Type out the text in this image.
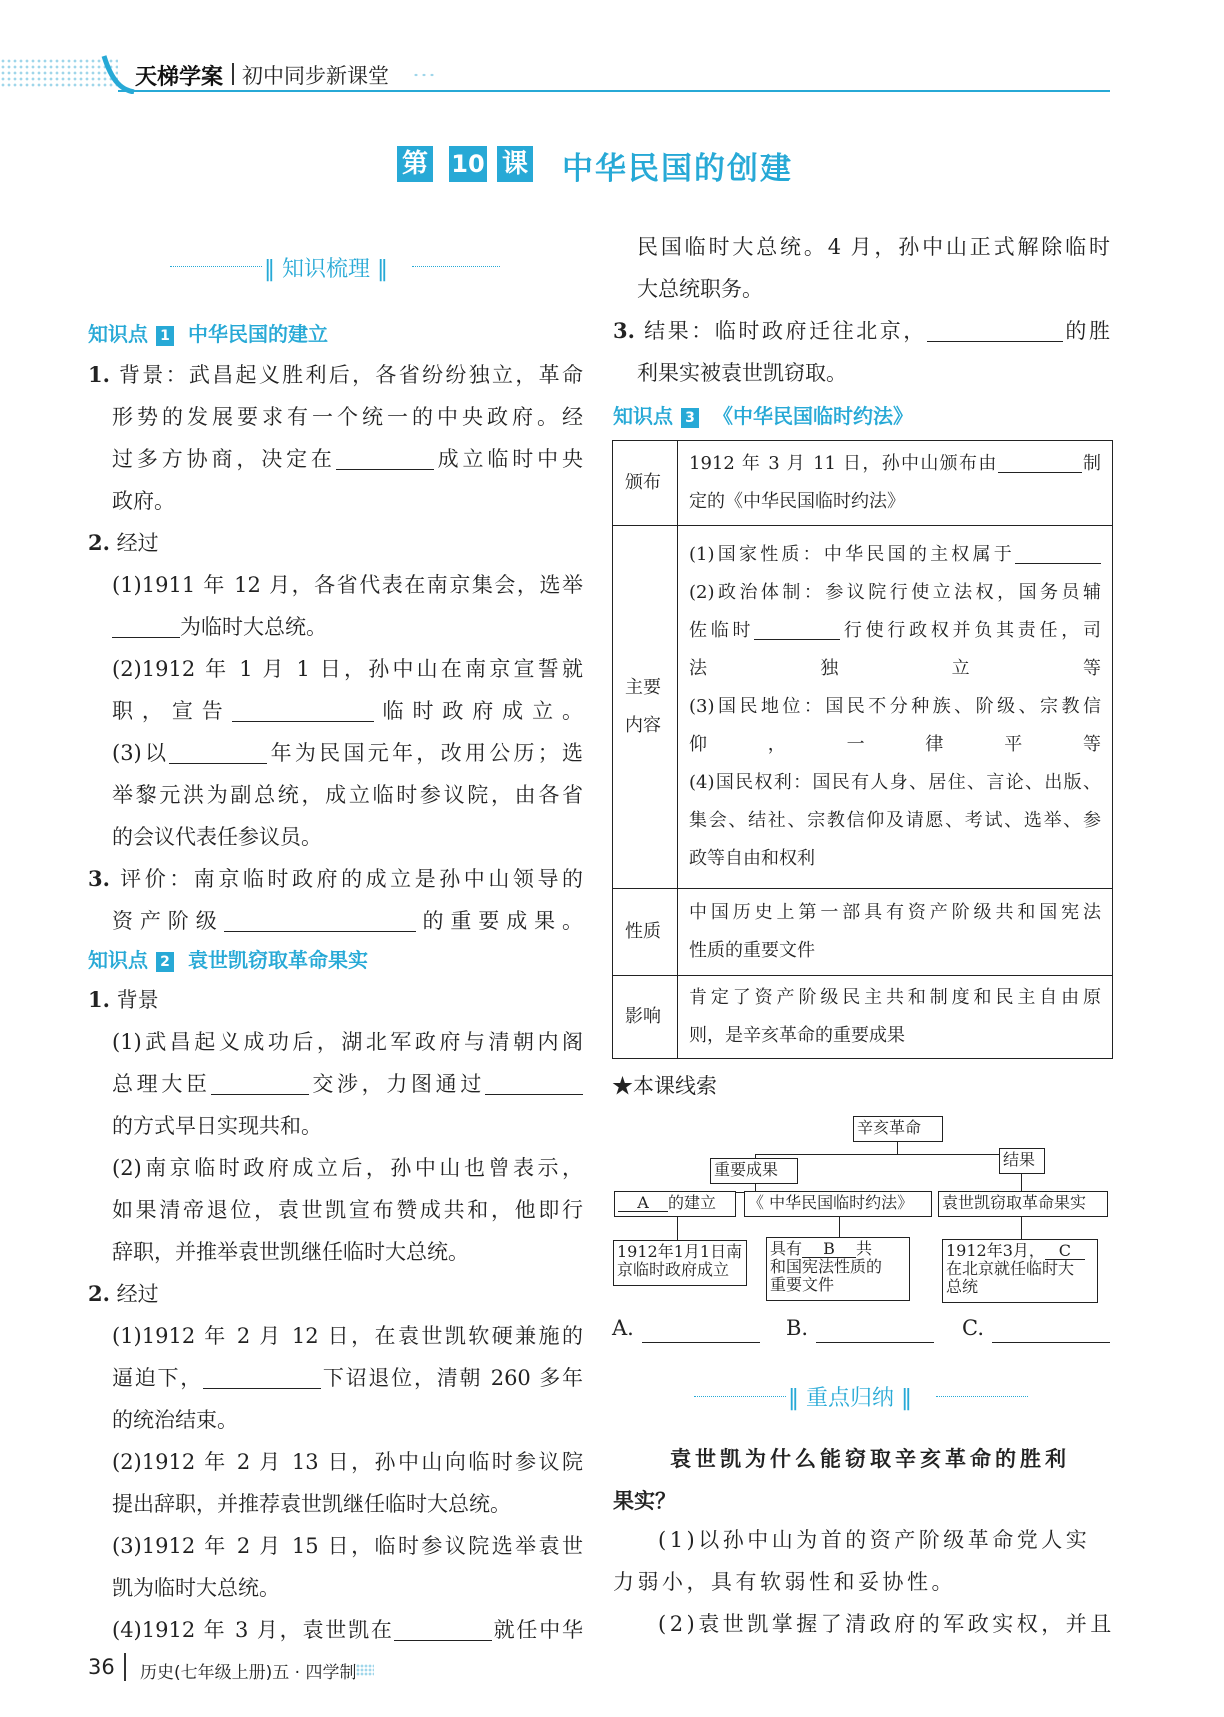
天梯学案 初中同步新课堂
第 10 课 中华民国的创建
‖ 知识梳理 ‖
知识点 1 中华民国的建立
1. 背景：武昌起义胜利后，各省纷纷独立，革命
形势的发展要求有一个统一的中央政府。经
过多方协商，决定在	成立临时中央
政府。
2. 经过
(1)1911 年 12 月，各省代表在南京集会，选举
为临时大总统。
(2)1912 年 1 月 1 日，孙中山在南京宣誓就
职，宣告	临时政府成立。
(3)以	年为民国元年，改用公历；选
举黎元洪为副总统，成立临时参议院，由各省
的会议代表任参议员。
3. 评价：南京临时政府的成立是孙中山领导的
资产阶级	的重要成果。
知识点 2 袁世凯窃取革命果实
1. 背景
(1)武昌起义成功后，湖北军政府与清朝内阁
总理大臣	交涉，力图通过
的方式早日实现共和。
(2)南京临时政府成立后，孙中山也曾表示，
如果清帝退位，袁世凯宣布赞成共和，他即行
辞职，并推举袁世凯继任临时大总统。
2. 经过
(1)1912 年 2 月 12 日，在袁世凯软硬兼施的
逼迫下，	下诏退位，清朝 260 多年
的统治结束。
(2)1912 年 2 月 13 日，孙中山向临时参议院
提出辞职，并推荐袁世凯继任临时大总统。
(3)1912 年 2 月 15 日，临时参议院选举袁世
凯为临时大总统。
(4)1912 年 3 月，袁世凯在	就任中华
民国临时大总统。4 月，孙中山正式解除临时
大总统职务。
3. 结果：临时政府迁往北京，	的胜
利果实被袁世凯窃取。
知识点 3 《中华民国临时约法》
颁布
1912 年 3 月 11 日，孙中山颁布由	制
定的《中华民国临时约法》
主要
内容
(1)国家性质：中华民国的主权属于
(2)政治体制：参议院行使立法权，国务员辅
佐临时	行使行政权并负其责任，司
法独立等
(3)国民地位：国民不分种族、阶级、宗教信
仰，一律平等
(4)国民权利：国民有人身、居住、言论、出版、
集会、结社、宗教信仰及请愿、考试、选举、参
政等自由和权利
性质
中国历史上第一部具有资产阶级共和国宪法
性质的重要文件
影响
肯定了资产阶级民主共和制度和民主自由原
则，是辛亥革命的重要成果
★本课线索
辛亥革命
重要成果
结果
A 的建立	《 中华民国临时约法》	袁世凯窃取革命果实
1912年1月1日南
京临时政府成立
具有 B 共
和国宪法性质的
重要文件
1912年3月， C
在北京就任临时大
总统
A.	B.	C.
‖ 重点归纳 ‖
袁世凯为什么能窃取辛亥革命的胜利
果实？
(1)以孙中山为首的资产阶级革命党人实
力弱小，具有软弱性和妥协性。
(2)袁世凯掌握了清政府的军政实权，并且
36 历史(七年级上册)五 · 四学制
